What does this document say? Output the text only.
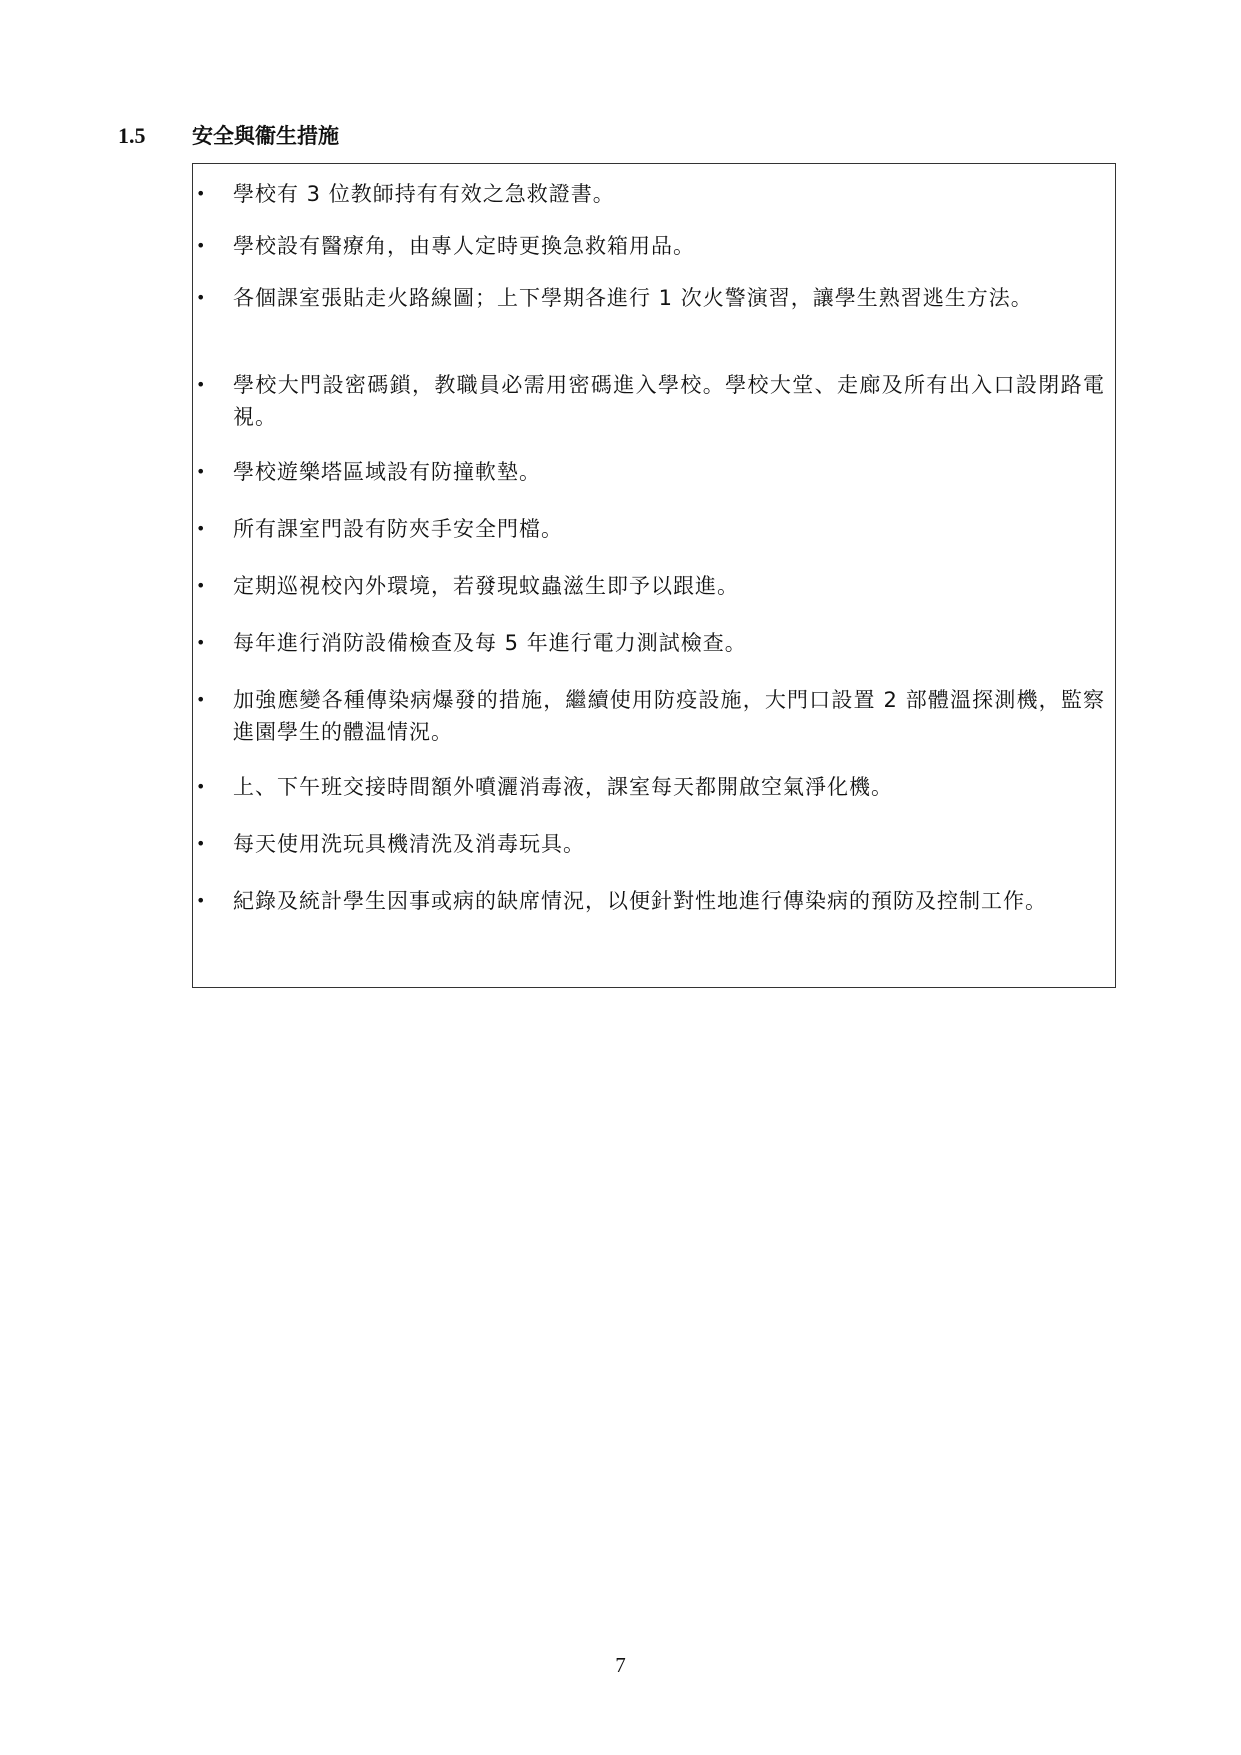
1.5	安全與衞生措施
• 學校有 3 位教師持有有效之急救證書。
• 學校設有醫療角，由專人定時更換急救箱用品。
• 各個課室張貼走火路線圖；上下學期各進行 1 次火警演習，讓學生熟習逃生方法。
• 學校大門設密碼鎖，教職員必需用密碼進入學校。學校大堂、走廊及所有出入口設閉路電視。
• 學校遊樂塔區域設有防撞軟墊。
• 所有課室門設有防夾手安全門檔。
• 定期巡視校內外環境，若發現蚊蟲滋生即予以跟進。
• 每年進行消防設備檢查及每 5 年進行電力測試檢查。
• 加強應變各種傳染病爆發的措施，繼續使用防疫設施，大門口設置 2 部體溫探測機，監察進園學生的體温情況。
• 上、下午班交接時間額外噴灑消毒液，課室每天都開啟空氣淨化機。
• 每天使用洗玩具機清洗及消毒玩具。
• 紀錄及統計學生因事或病的缺席情況，以便針對性地進行傳染病的預防及控制工作。
7
